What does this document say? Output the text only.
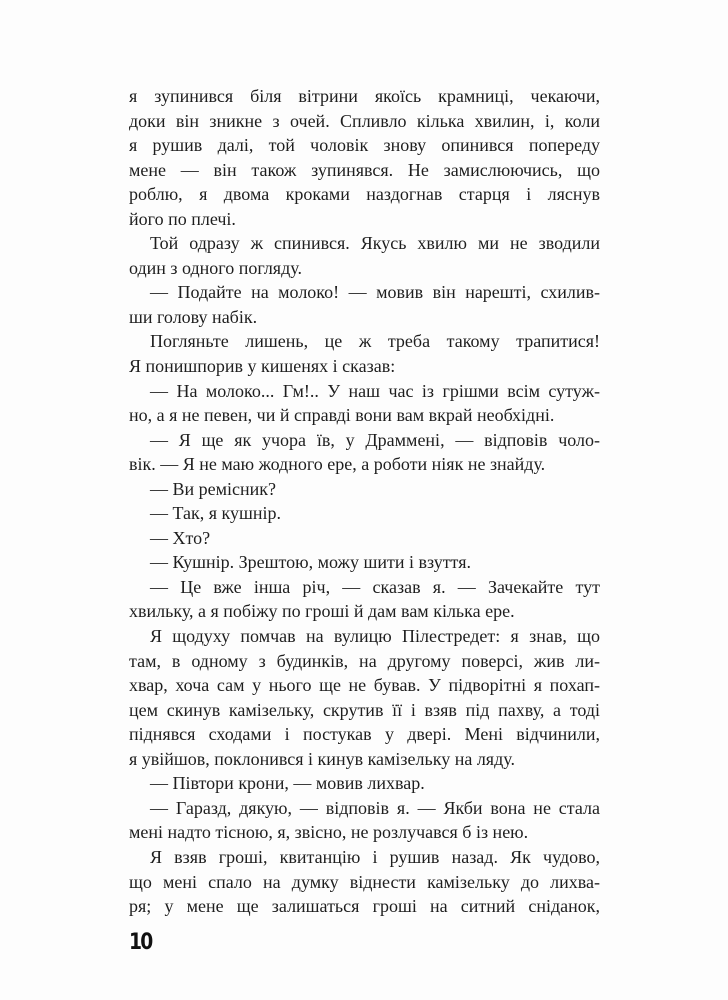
я зупинився біля вітрини якоїсь крамниці, чекаючи,
доки він зникне з очей. Спливло кілька хвилин, і, коли
я рушив далі, той чоловік знову опинився попереду
мене — він також зупинявся. Не замислюючись, що
роблю, я двома кроками наздогнав старця і ляснув
його по плечі.
Той одразу ж спинився. Якусь хвилю ми не зводили
один з одного погляду.
— Подайте на молоко! — мовив він нарешті, схилив-
ши голову набік.
Погляньте лишень, це ж треба такому трапитися!
Я понишпорив у кишенях і сказав:
— На молоко... Гм!.. У наш час із грішми всім сутуж-
но, а я не певен, чи й справді вони вам вкрай необхідні.
— Я ще як учора їв, у Драммені, — відповів чоло-
вік. — Я не маю жодного ере, а роботи ніяк не знайду.
— Ви ремісник?
— Так, я кушнір.
— Хто?
— Кушнір. Зрештою, можу шити і взуття.
— Це вже інша річ, — сказав я. — Зачекайте тут
хвильку, а я побіжу по гроші й дам вам кілька ере.
Я щодуху помчав на вулицю Пілестредет: я знав, що
там, в одному з будинків, на другому поверсі, жив ли-
хвар, хоча сам у нього ще не бував. У підворітні я похап-
цем скинув камізельку, скрутив її і взяв під пахву, а тоді
піднявся сходами і постукав у двері. Мені відчинили,
я увійшов, поклонився і кинув камізельку на ляду.
— Півтори крони, — мовив лихвар.
— Гаразд, дякую, — відповів я. — Якби вона не стала
мені надто тісною, я, звісно, не розлучався б із нею.
Я взяв гроші, квитанцію і рушив назад. Як чудово,
що мені спало на думку віднести камізельку до лихва-
ря; у мене ще залишаться гроші на ситний сніданок,
10
